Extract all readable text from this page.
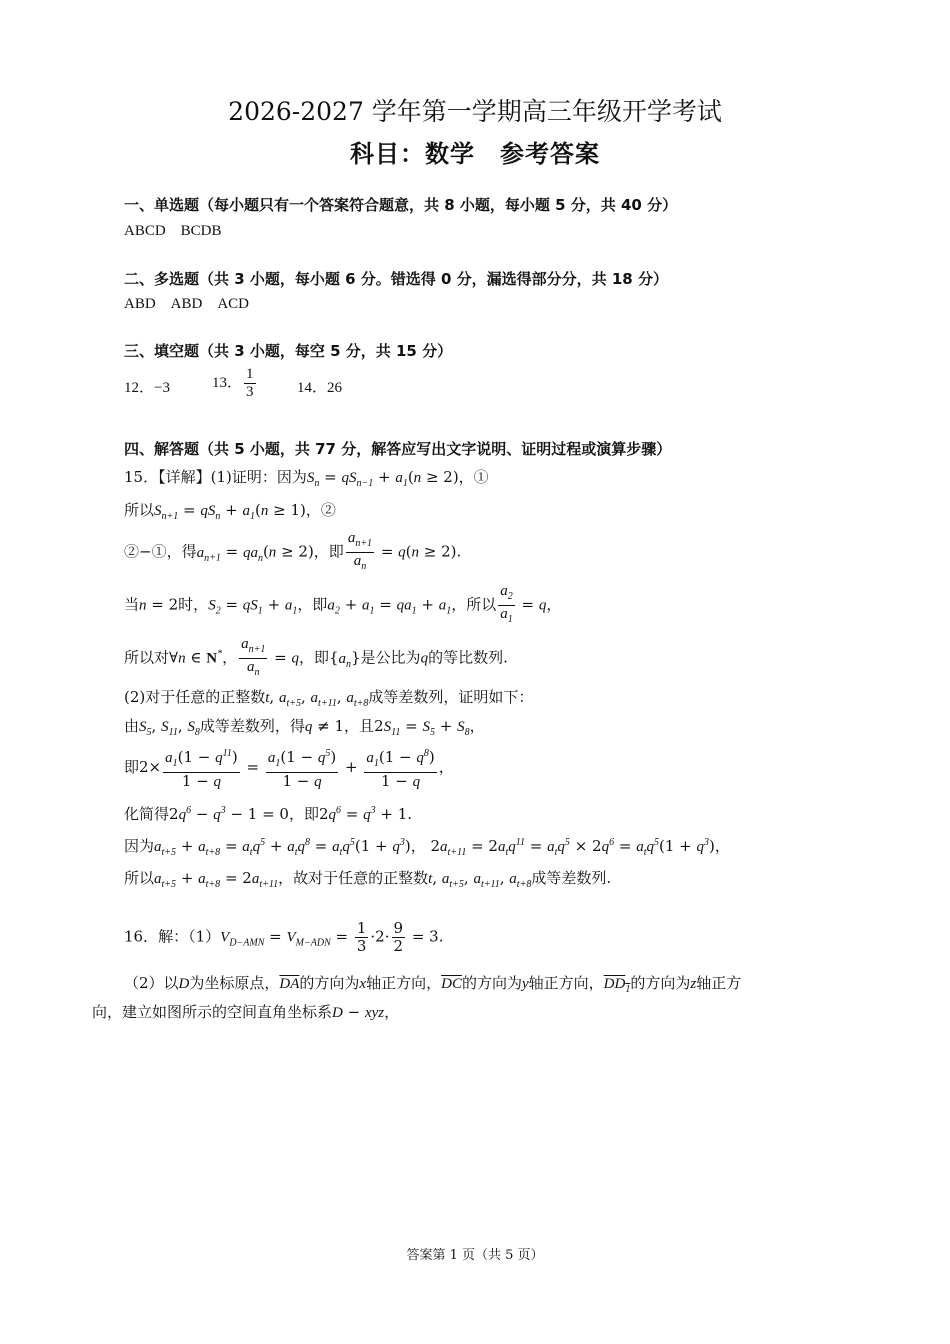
2026-2027 学年第一学期高三年级开学考试
科目：数学　参考答案
一、单选题（每小题只有一个答案符合题意，共 8 小题，每小题 5 分，共 40 分）
ABCD　BCDB
二、多选题（共 3 小题，每小题 6 分。错选得 0 分，漏选得部分分，共 18 分）
ABD　ABD　ACD
三、填空题（共 3 小题，每空 5 分，共 15 分）
12．−3	13． $\frac{1}{3}$	14．26
四、解答题（共 5 小题，共 77 分，解答应写出文字说明、证明过程或演算步骤）
15．【详解】(1)证明：因为$S_n = qS_{n-1} + a_1(n \ge 2)$，①
所以$S_{n+1} = qS_n + a_1(n \ge 1)$，②
②−①，得$a_{n+1} = qa_n(n \ge 2)$，即 $\frac{a_{n+1}}{a_n} = q(n \ge 2)$.
当n = 2时，$S_2 = qS_1 + a_1$，即$a_2 + a_1 = qa_1 + a_1$，所以 $\frac{a_2}{a_1} = q$，
所以对∀n ∈ N*， $\frac{a_{n+1}}{a_n} = q$，即$\{a_n\}$是公比为q的等比数列.
(2)对于任意的正整数t, $a_{t+5}$, $a_{t+11}$, $a_{t+8}$成等差数列，证明如下：
由$S_5$, $S_{11}$, $S_8$成等差数列，得q ≠ 1，且$2S_{11} = S_5 + S_8$，
即$2\times \frac{a_1(1 - q^{11})}{1 - q} = \frac{a_1(1 - q^5)}{1 - q} + \frac{a_1(1 - q^8)}{1 - q}$ ，
化简得$2q^6 - q^3 - 1 = 0$，即$2q^6 = q^3 + 1$.
因为$a_{t+5} + a_{t+8} = a_tq^5 + a_tq^8 = a_tq^5(1 + q^3)$， $2a_{t+11} = 2a_tq^{11} = a_tq^5 \times 2q^6 = a_tq^5(1 + q^3)$，
所以$a_{t+5} + a_{t+8} = 2a_{t+11}$，故对于任意的正整数t, $a_{t+5}$, $a_{t+11}$, $a_{t+8}$成等差数列.
16．解：$(1)V_{D-AMN} = V_{M-ADN} = \frac{1}{3} \cdot 2\cdot \frac{9}{2} = 3$.
（2）以D为坐标原点，$\overline{DA}$的方向为x轴正方向，$\overline{DC}$的方向为y轴正方向，$DD_1$的方向为z轴正方
向，建立如图所示的空间直角坐标系D − xyz，
答案第 1 页（共 5 页）
